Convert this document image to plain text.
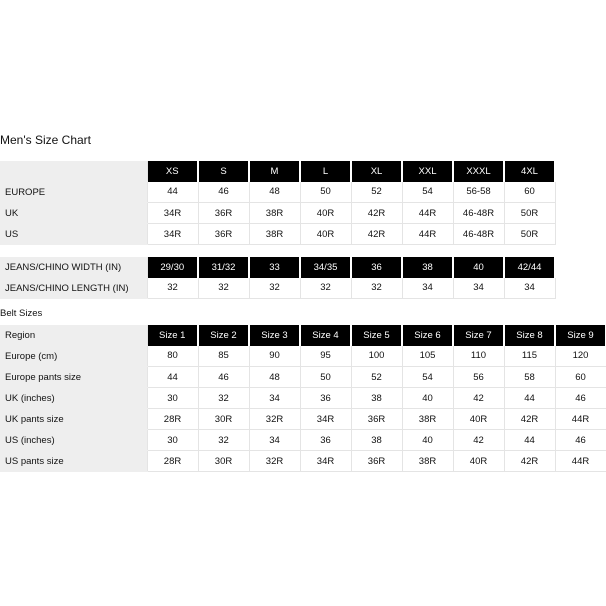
Men's Size Chart
	XS	S	M	L	XL	XXL	XXXL	4XL
EUROPE	44	46	48	50	52	54	56-58	60
UK	34R	36R	38R	40R	42R	44R	46-48R	50R
US	34R	36R	38R	40R	42R	44R	46-48R	50R
JEANS/CHINO WIDTH (IN)	29/30	31/32	33	34/35	36	38	40	42/44
JEANS/CHINO LENGTH (IN)	32	32	32	32	32	34	34	34
Belt Sizes
Region	Size 1	Size 2	Size 3	Size 4	Size 5	Size 6	Size 7	Size 8	Size 9
Europe (cm)	80	85	90	95	100	105	110	115	120
Europe pants size	44	46	48	50	52	54	56	58	60
UK (inches)	30	32	34	36	38	40	42	44	46
UK pants size	28R	30R	32R	34R	36R	38R	40R	42R	44R
US (inches)	30	32	34	36	38	40	42	44	46
US pants size	28R	30R	32R	34R	36R	38R	40R	42R	44R
